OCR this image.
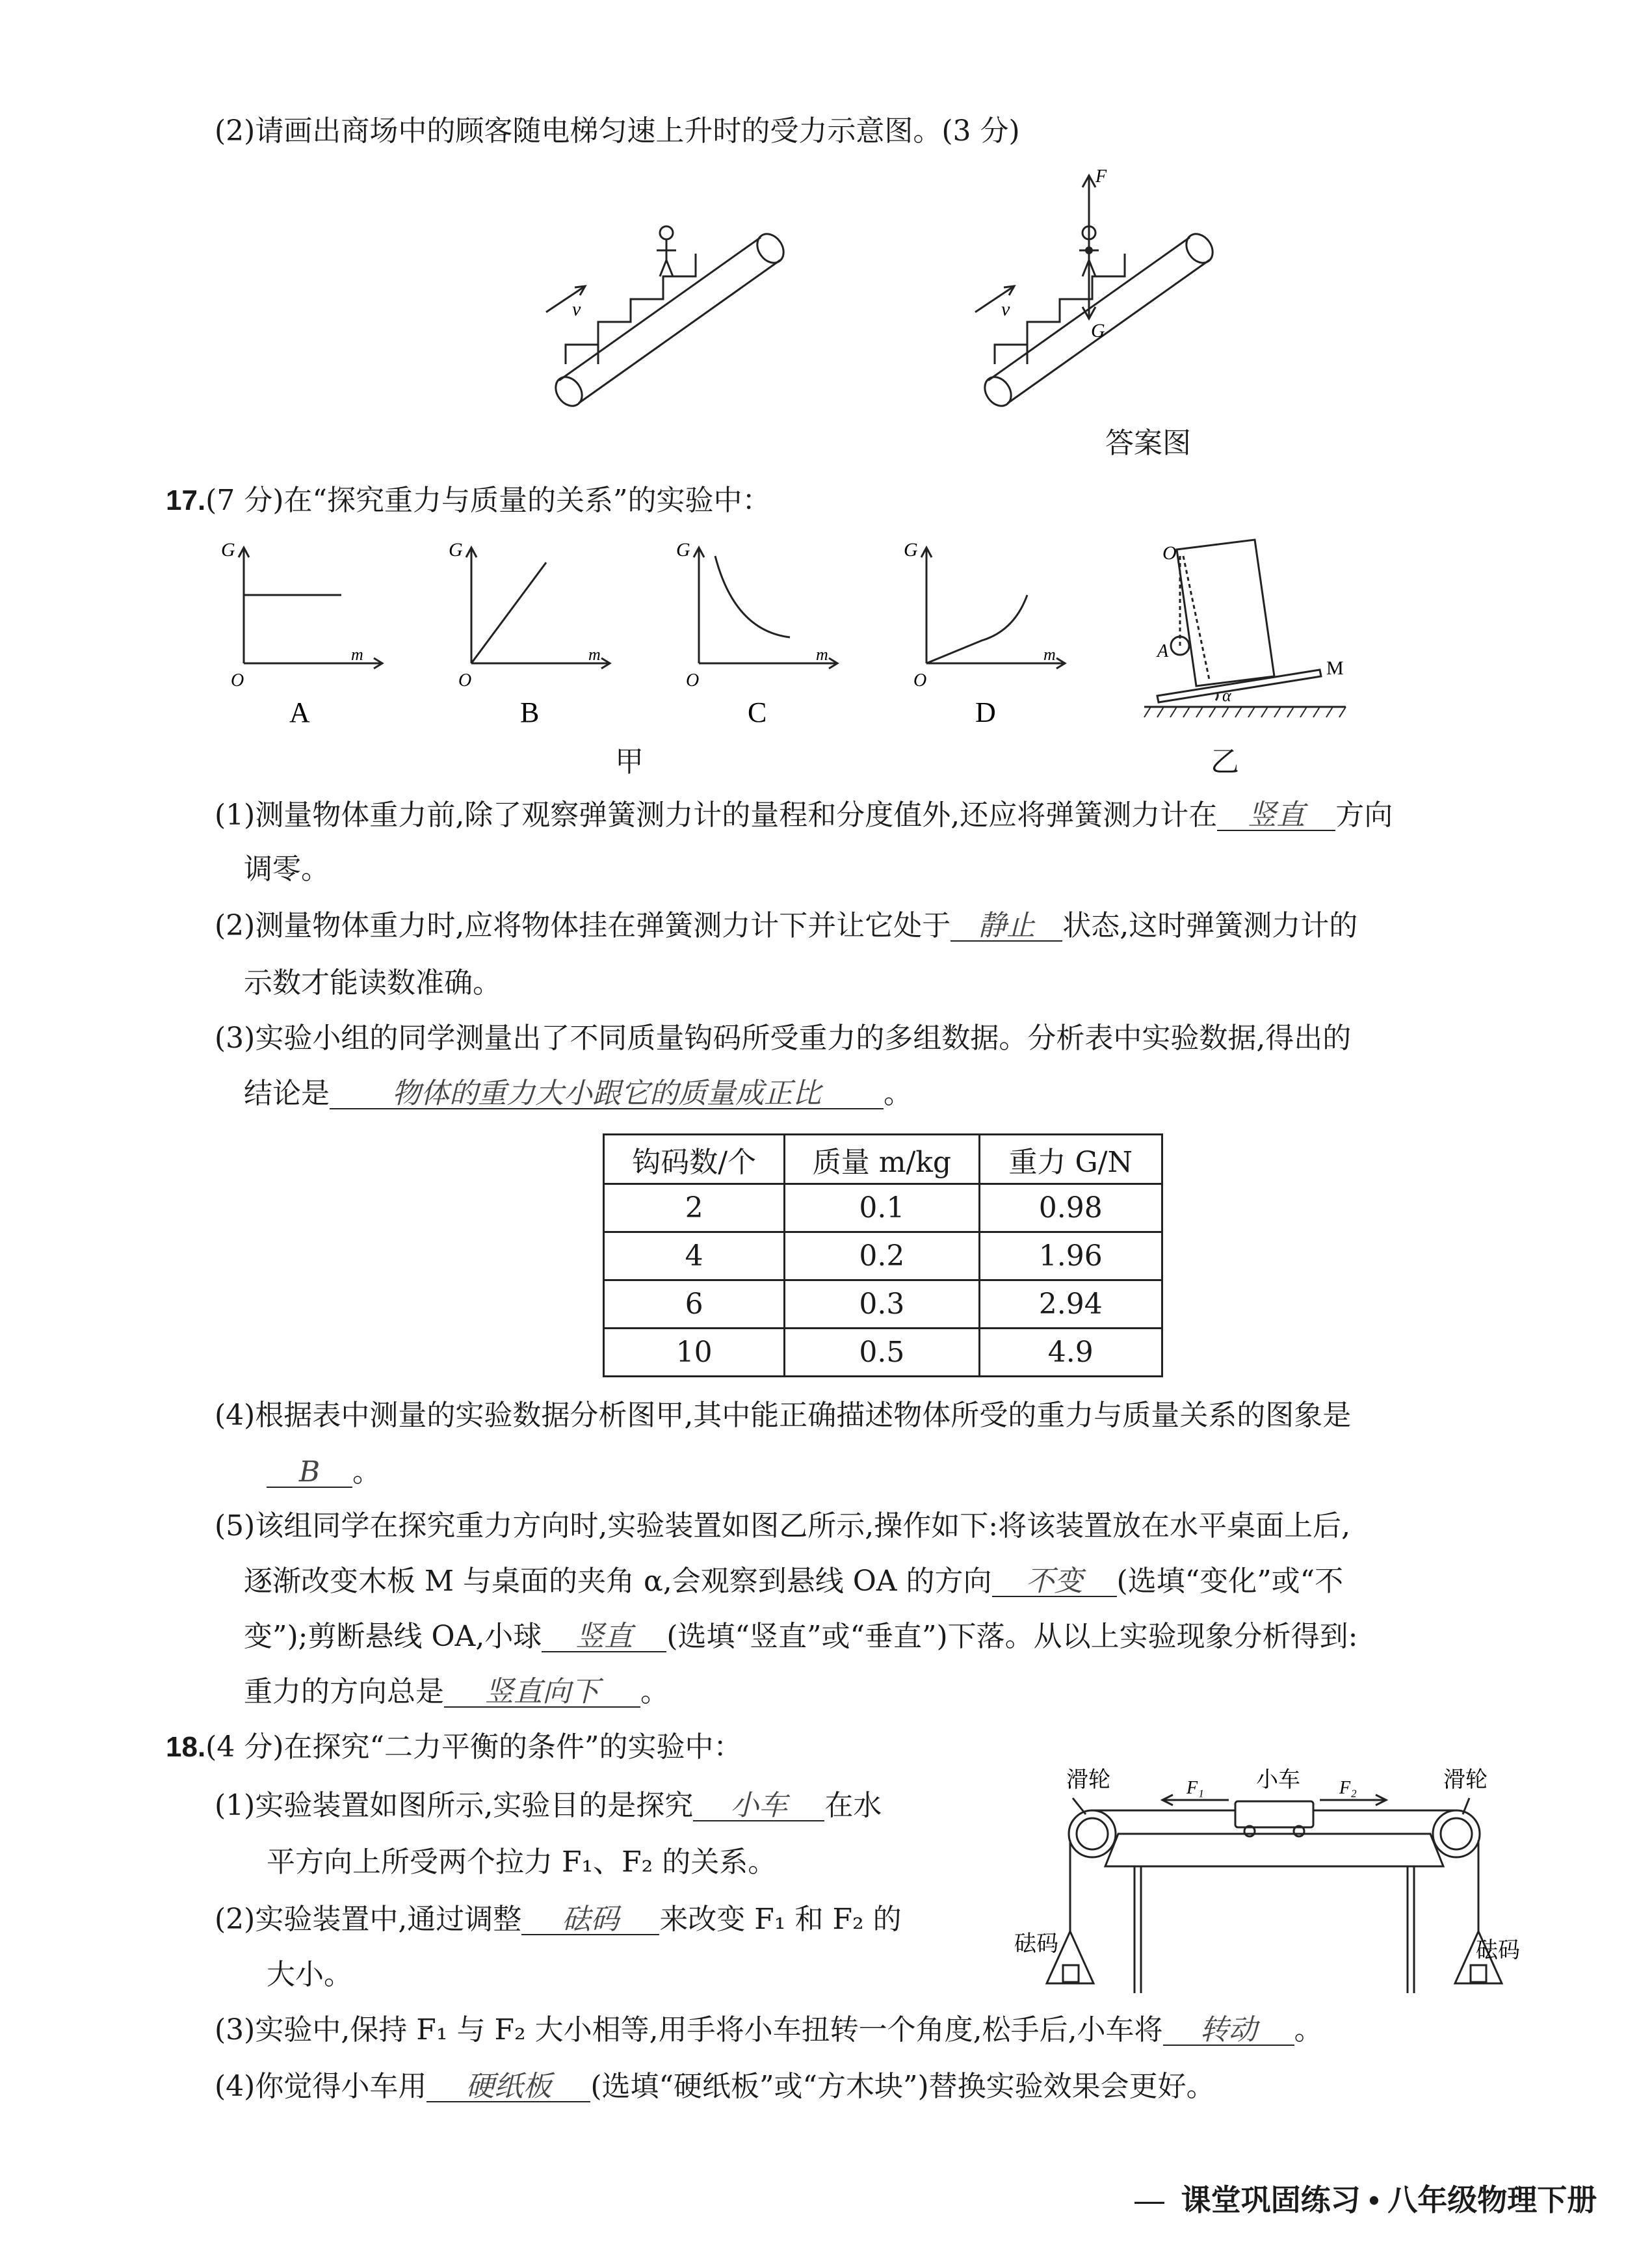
(2)请画出商场中的顾客随电梯匀速上升时的受力示意图。(3 分)
v
F
G
v
答案图
17.(7 分)在“探究重力与质量的关系”的实验中：
G
m
O
A
G
m
O
B
G
m
O
C
G
m
O
D
O
A
M
α
甲	乙
(1)测量物体重力前,除了观察弹簧测力计的量程和分度值外,还应将弹簧测力计在 竖直 方向
调零。
(2)测量物体重力时,应将物体挂在弹簧测力计下并让它处于 静止 状态,这时弹簧测力计的
示数才能读数准确。
(3)实验小组的同学测量出了不同质量钩码所受重力的多组数据。分析表中实验数据,得出的
结论是 物体的重力大小跟它的质量成正比 。
钩码数/个	质量 m/kg	重力 G/N
2	0.1	0.98
4	0.2	1.96
6	0.3	2.94
10	0.5	4.9
(4)根据表中测量的实验数据分析图甲,其中能正确描述物体所受的重力与质量关系的图象是
B 。
(5)该组同学在探究重力方向时,实验装置如图乙所示,操作如下:将该装置放在水平桌面上后,
逐渐改变木板 M 与桌面的夹角 α,会观察到悬线 OA 的方向 不变 (选填“变化”或“不
变”);剪断悬线 OA,小球 竖直 (选填“竖直”或“垂直”)下落。从以上实验现象分析得到:
重力的方向总是 竖直向下 。
18.(4 分)在探究“二力平衡的条件”的实验中：
(1)实验装置如图所示,实验目的是探究 小车 在水
平方向上所受两个拉力 F₁、F₂ 的关系。
(2)实验装置中,通过调整 砝码 来改变 F₁ 和 F₂ 的
大小。
(3)实验中,保持 F₁ 与 F₂ 大小相等,用手将小车扭转一个角度,松手后,小车将 转动 。
(4)你觉得小车用 硬纸板 (选填“硬纸板”或“方木块”)替换实验效果会更好。
滑轮	滑轮
小车
F₁	F₂
砝码	砝码
— 课堂巩固练习 • 八年级物理下册
